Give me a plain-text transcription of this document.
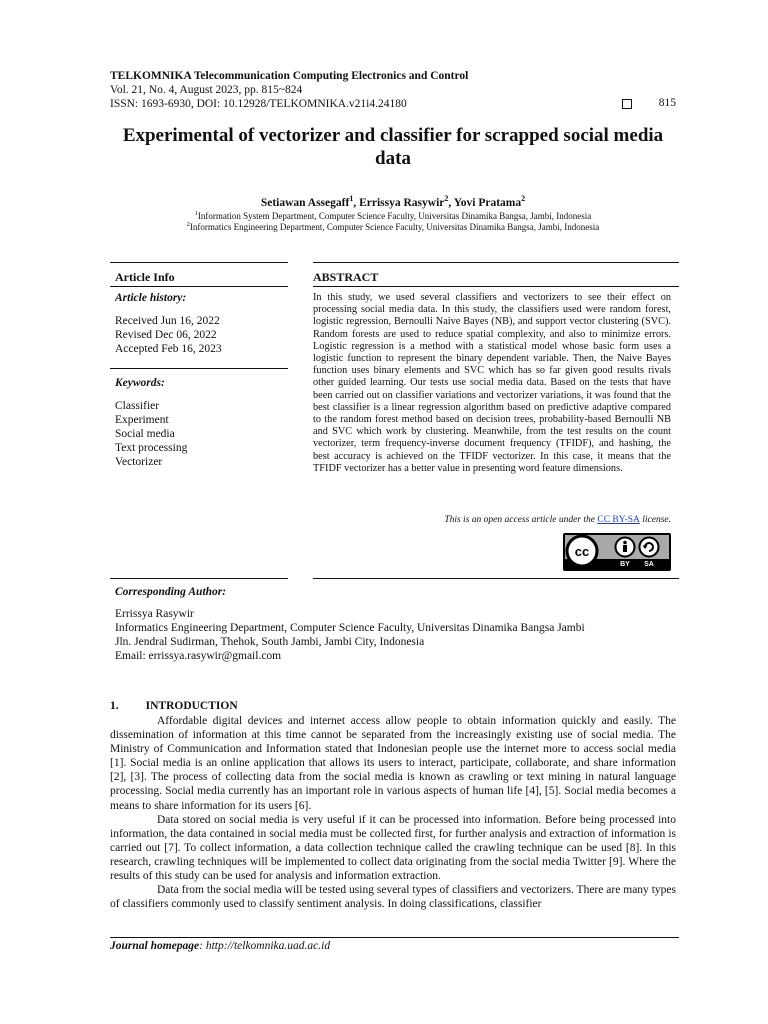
TELKOMNIKA Telecommunication Computing Electronics and Control
Vol. 21, No. 4, August 2023, pp. 815~824
ISSN: 1693-6930, DOI: 10.12928/TELKOMNIKA.v21i4.24180	815
Experimental of vectorizer and classifier for scrapped social media data
Setiawan Assegaff$^1$, Errissya Rasywir$^2$, Yovi Pratama$^2$
$^1$Information System Department, Computer Science Faculty, Universitas Dinamika Bangsa, Jambi, Indonesia
$^2$Informatics Engineering Department, Computer Science Faculty, Universitas Dinamika Bangsa, Jambi, Indonesia
Article Info
Article history:
Received Jun 16, 2022
Revised Dec 06, 2022
Accepted Feb 16, 2023
Keywords:
Classifier
Experiment
Social media
Text processing
Vectorizer
ABSTRACT
In this study, we used several classifiers and vectorizers to see their effect on processing social media data. In this study, the classifiers used were random forest, logistic regression, Bernoulli Naive Bayes (NB), and support vector clustering (SVC). Random forests are used to reduce spatial complexity, and also to minimize errors. Logistic regression is a method with a statistical model whose basic form uses a logistic function to represent the binary dependent variable. Then, the Naive Bayes function uses binary elements and SVC which has so far given good results rivals other guided learning. Our tests use social media data. Based on the tests that have been carried out on classifier variations and vectorizer variations, it was found that the best classifier is a linear regression algorithm based on predictive adaptive compared to the random forest method based on decision trees, probability-based Bernoulli NB and SVC which work by clustering. Meanwhile, from the test results on the count vectorizer, term frequency-inverse document frequency (TFIDF), and hashing, the best accuracy is achieved on the TFIDF vectorizer. In this case, it means that the TFIDF vectorizer has a better value in presenting word feature dimensions.
This is an open access article under the CC BY-SA license.
cc
BY	SA
Corresponding Author:
Errissya Rasywir
Informatics Engineering Department, Computer Science Faculty, Universitas Dinamika Bangsa Jambi
Jln. Jendral Sudirman, Thehok, South Jambi, Jambi City, Indonesia
Email: errissya.rasywir@gmail.com
1. INTRODUCTION

Affordable digital devices and internet access allow people to obtain information quickly and easily. The dissemination of information at this time cannot be separated from the increasingly existing use of social media. The Ministry of Communication and Information stated that Indonesian people use the internet more to access social media [1]. Social media is an online application that allows its users to interact, participate, collaborate, and share information [2], [3]. The process of collecting data from the social media is known as crawling or text mining in natural language processing. Social media currently has an important role in various aspects of human life [4], [5]. Social media becomes a means to share information for its users [6].

Data stored on social media is very useful if it can be processed into information. Before being processed into information, the data contained in social media must be collected first, for further analysis and extraction of information is carried out [7]. To collect information, a data collection technique called the crawling technique can be used [8]. In this research, crawling techniques will be implemented to collect data originating from the social media Twitter [9]. Where the results of this study can be used for analysis and information extraction.

Data from the social media will be tested using several types of classifiers and vectorizers. There are many types of classifiers commonly used to classify sentiment analysis. In doing classifications, classifier

Journal homepage: http://telkomnika.uad.ac.id
